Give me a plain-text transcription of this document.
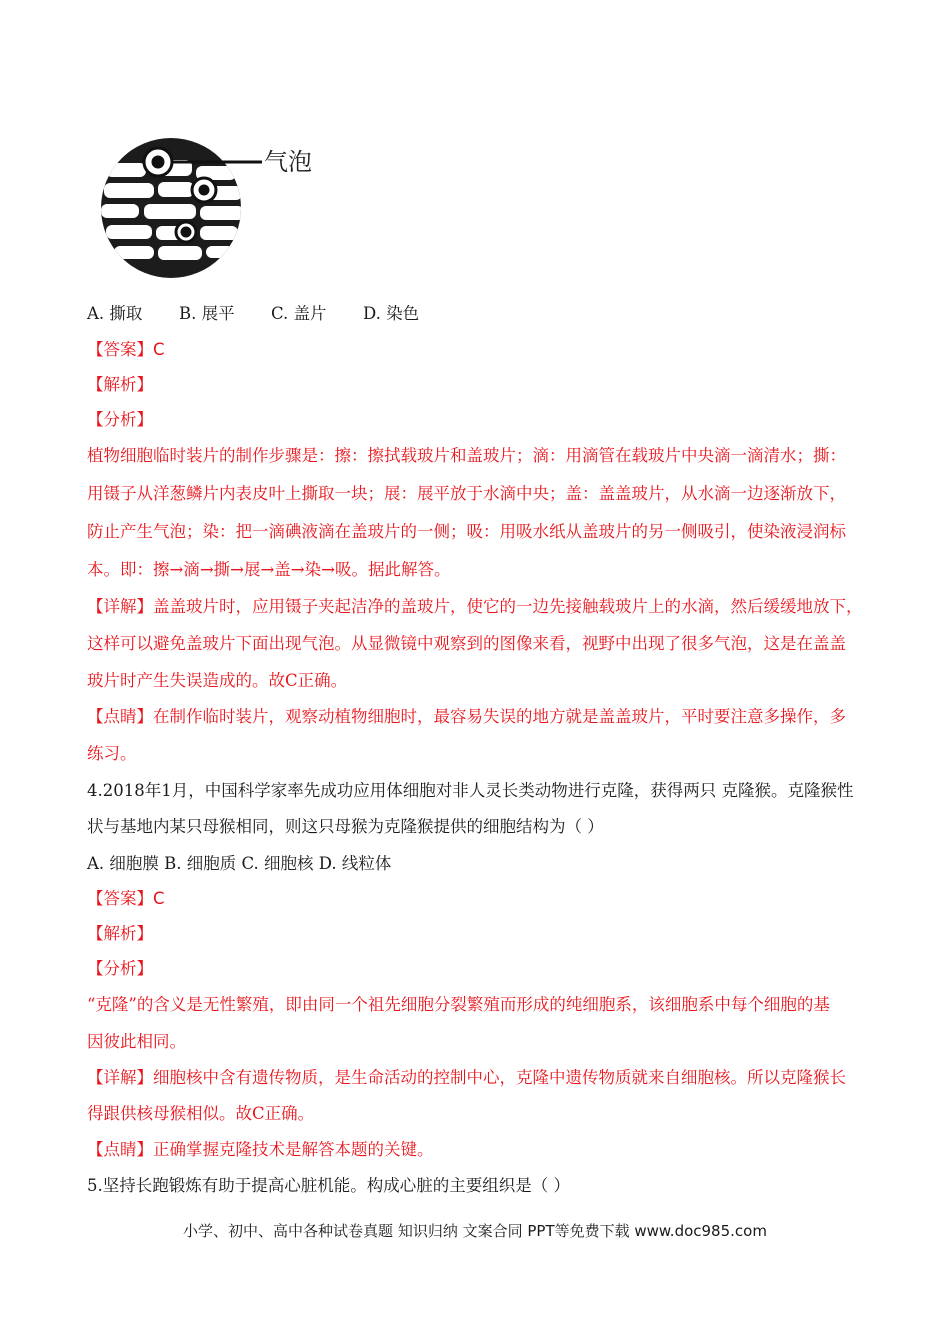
气泡
A. 撕取 B. 展平 C. 盖片 D. 染色
【答案】C
【解析】
【分析】
植物细胞临时装片的制作步骤是：擦：擦拭载玻片和盖玻片；滴：用滴管在载玻片中央滴一滴清水；撕：
用镊子从洋葱鳞片内表皮叶上撕取一块；展：展平放于水滴中央；盖：盖盖玻片，从水滴一边逐渐放下，
防止产生气泡；染：把一滴碘液滴在盖玻片的一侧；吸：用吸水纸从盖玻片的另一侧吸引，使染液浸润标
本。即：擦→滴→撕→展→盖→染→吸。据此解答。
【详解】盖盖玻片时，应用镊子夹起洁净的盖玻片，使它的一边先接触载玻片上的水滴，然后缓缓地放下，
这样可以避免盖玻片下面出现气泡。从显微镜中观察到的图像来看，视野中出现了很多气泡，这是在盖盖
玻片时产生失误造成的。故C正确。
【点睛】在制作临时装片，观察动植物细胞时，最容易失误的地方就是盖盖玻片，平时要注意多操作，多
练习。
4.2018年1月，中国科学家率先成功应用体细胞对非人灵长类动物进行克隆，获得两只 克隆猴。克隆猴性
状与基地内某只母猴相同，则这只母猴为克隆猴提供的细胞结构为（ ）
A. 细胞膜 B. 细胞质 C. 细胞核 D. 线粒体
【答案】C
【解析】
【分析】
“克隆”的含义是无性繁殖，即由同一个祖先细胞分裂繁殖而形成的纯细胞系，该细胞系中每个细胞的基
因彼此相同。
【详解】细胞核中含有遗传物质，是生命活动的控制中心，克隆中遗传物质就来自细胞核。所以克隆猴长
得跟供核母猴相似。故C正确。
【点睛】正确掌握克隆技术是解答本题的关键。
5.坚持长跑锻炼有助于提高心脏机能。构成心脏的主要组织是（ ）
小学、初中、高中各种试卷真题 知识归纳 文案合同 PPT等免费下载 www.doc985.com
